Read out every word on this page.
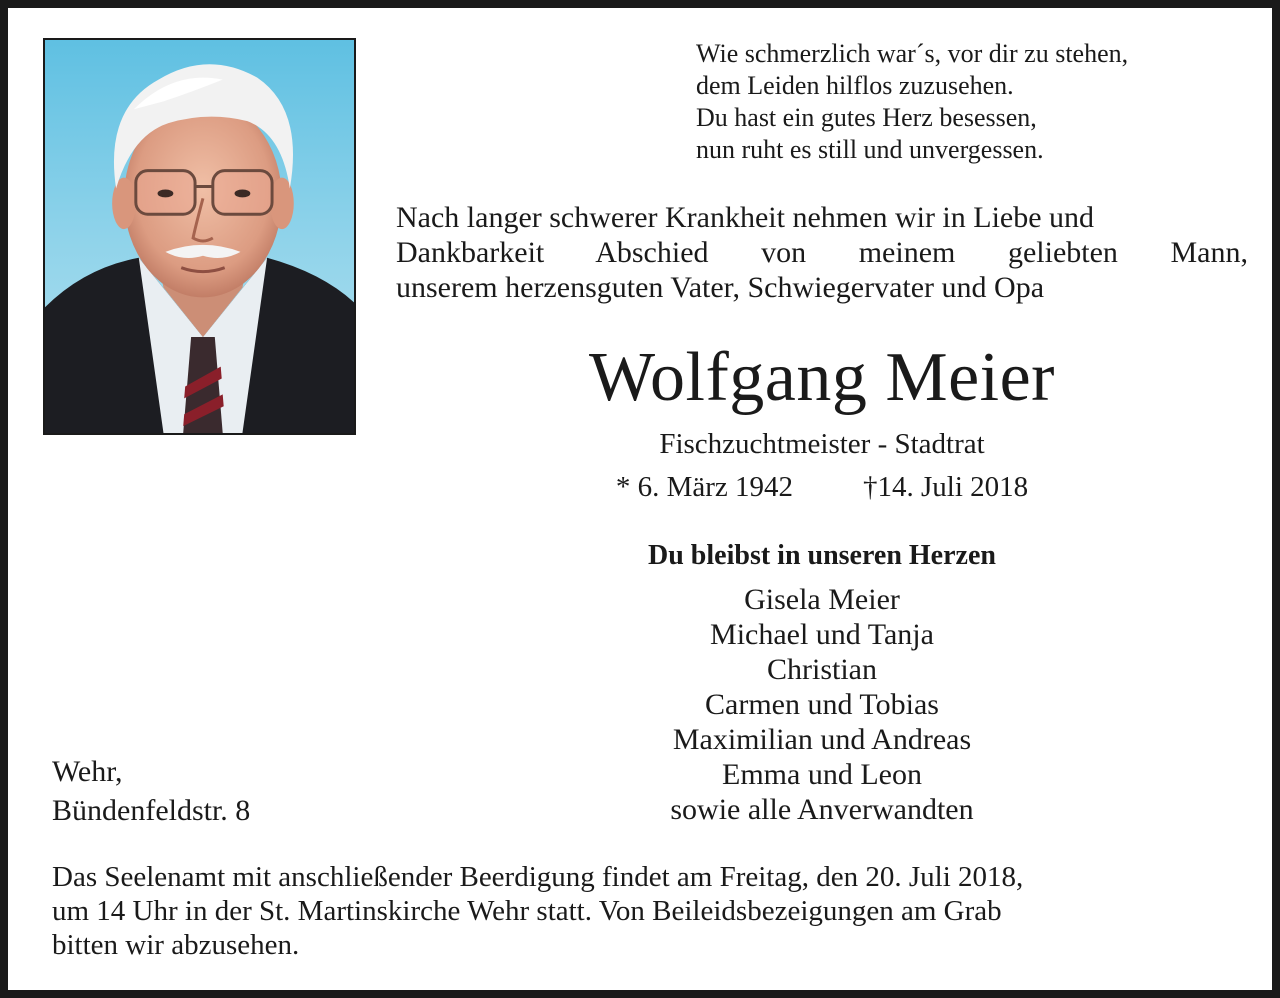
Wie schmerzlich war´s, vor dir zu stehen,
dem Leiden hilflos zuzusehen.
Du hast ein gutes Herz besessen,
nun ruht es still und unvergessen.
Nach langer schwerer Krankheit nehmen wir in Liebe und
Dankbarkeit Abschied von meinem geliebten Mann,
unserem herzensguten Vater, Schwiegervater und Opa
Wolfgang Meier
Fischzuchtmeister - Stadtrat
* 6. März 1942 †14. Juli 2018
Du bleibst in unseren Herzen
Gisela Meier
Michael und Tanja
Christian
Carmen und Tobias
Maximilian und Andreas
Emma und Leon
sowie alle Anverwandten
Wehr,
Bündenfeldstr. 8
Das Seelenamt mit anschließender Beerdigung findet am Freitag, den 20. Juli 2018,
um 14 Uhr in der St. Martinskirche Wehr statt. Von Beileidsbezeigungen am Grab
bitten wir abzusehen.
